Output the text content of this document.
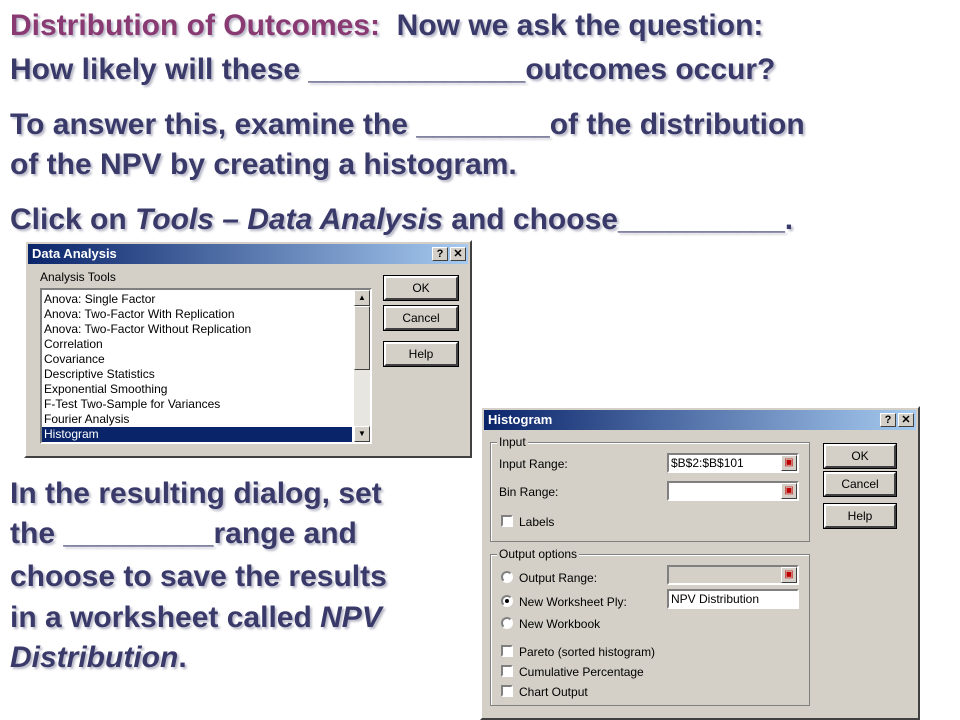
Distribution of Outcomes: Now we ask the question:
How likely will these _____________outcomes occur?
To answer this, examine the ________of the distribution
of the NPV by creating a histogram.
Click on Tools – Data Analysis and choose__________.
In the resulting dialog, set
the _________range and
choose to save the results
in a worksheet called NPV
Distribution.
Data Analysis	? ✕
Analysis Tools
Anova: Single Factor
Anova: Two-Factor With Replication
Anova: Two-Factor Without Replication
Correlation
Covariance
Descriptive Statistics
Exponential Smoothing
F-Test Two-Sample for Variances
Fourier Analysis
Histogram
▲
▼
OK
Cancel
Help
Histogram	? ✕
Input
Input Range:	$B$2:$B$101	▣
Bin Range:	▣
Labels
Output options
Output Range:	▣
New Worksheet Ply:	NPV Distribution
New Workbook
Pareto (sorted histogram)
Cumulative Percentage
Chart Output
OK
Cancel
Help
